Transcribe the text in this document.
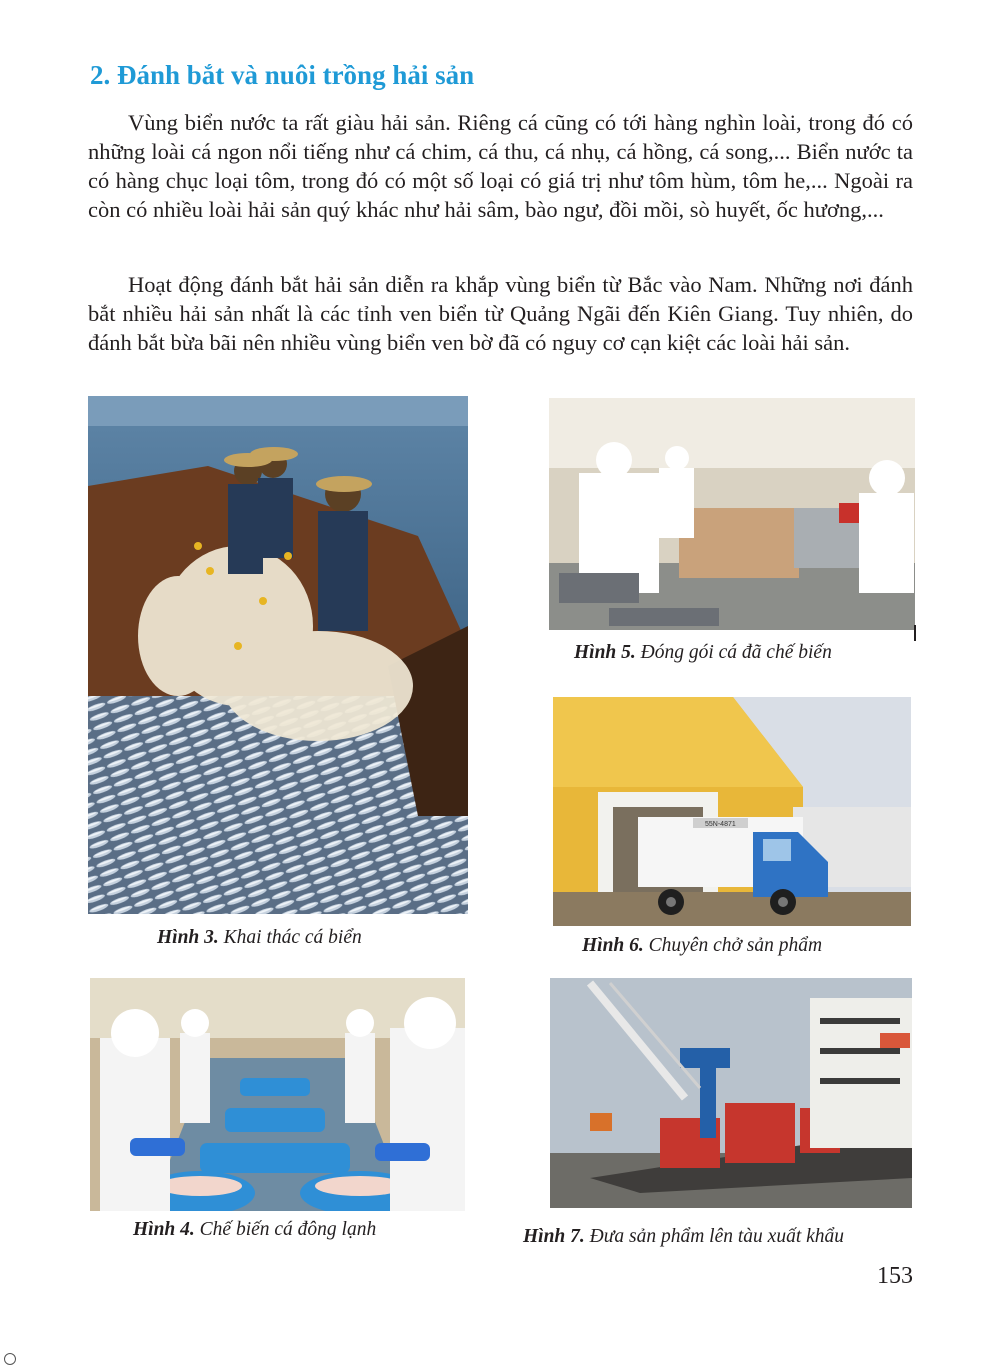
2. Đánh bắt và nuôi trồng hải sản

Vùng biển nước ta rất giàu hải sản. Riêng cá cũng có tới hàng nghìn loài, trong đó có những loài cá ngon nổi tiếng như cá chim, cá thu, cá nhụ, cá hồng, cá song,... Biển nước ta có hàng chục loại tôm, trong đó có một số loại có giá trị như tôm hùm, tôm he,... Ngoài ra còn có nhiều loài hải sản quý khác như hải sâm, bào ngư, đồi mồi, sò huyết, ốc hương,...

Hoạt động đánh bắt hải sản diễn ra khắp vùng biển từ Bắc vào Nam. Những nơi đánh bắt nhiều hải sản nhất là các tỉnh ven biển từ Quảng Ngãi đến Kiên Giang. Tuy nhiên, do đánh bắt bừa bãi nên nhiều vùng biển ven bờ đã có nguy cơ cạn kiệt các loài hải sản.

Hình 3. Khai thác cá biển
Hình 4. Chế biến cá đông lạnh
Hình 5. Đóng gói cá đã chế biến
55N-4871
Hình 6. Chuyên chở sản phẩm
Hình 7. Đưa sản phẩm lên tàu xuất khẩu
153
